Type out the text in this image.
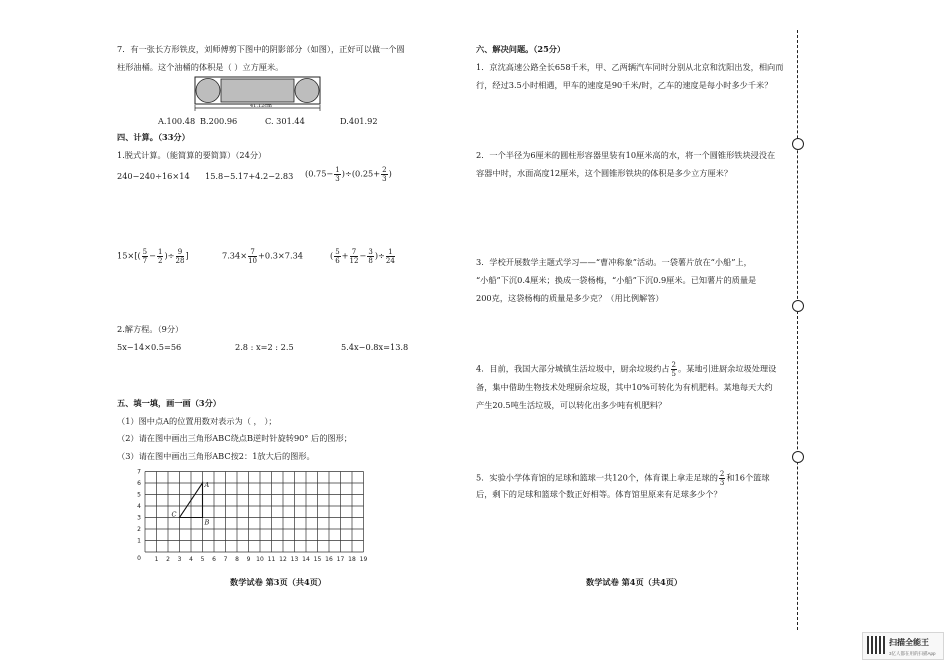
7．有一张长方形铁皮，刘师傅剪下图中的阴影部分（如图），正好可以做一个圆
柱形油桶。这个油桶的体积是（ ）立方厘米。
41.12cm
A.100.48 B.200.96	C. 301.44	D.401.92
四、计算。（33分）
1.脱式计算。（能简算的要简算）（24分）
240−240÷16×14 15.8−5.17+4.2−2.83 $(0.75- \frac{1}{3} )\div(0.25+ \frac{2}{3}$ )
$15\times[( \frac{5}{7} - \frac{1}{2}$ )÷ $\frac{9}{28}$ ]	$7.34\times \frac{7}{10} +0.3\times 7.34$	( $\frac{5}{6} + \frac{7}{12} - \frac{3}{8}$ )÷ $\frac{1}{24}$
2.解方程。（9分）
5x−14×0.5=56	2.8 : x=2 : 2.5	5.4x−0.8x=13.8
五、填一填，画一画（3分）
（1）图中点A的位置用数对表示为（ ， ）；
（2）请在图中画出三角形ABC绕点B逆时针旋转90° 后的图形；
（3）请在图中画出三角形ABC按2：1放大后的图形。
1 2 3 4 5 6 7 8 9 10 11 12 13 14 15 16 17 18 19
1
2
3
4
5
6
7
0
A
B
C
数学试卷 第3页（共4页）
六、解决问题。（25分）
1．京沈高速公路全长658千米，甲、乙两辆汽车同时分别从北京和沈阳出发，相向而
行，经过3.5小时相遇，甲车的速度是90千米/时，乙车的速度是每小时多少千米？
2．一个半径为6厘米的圆柱形容器里装有10厘米高的水，将一个圆锥形铁块浸没在
容器中时，水面高度12厘米，这个圆锥形铁块的体积是多少立方厘米？
3．学校开展数学主题式学习——“曹冲称象”活动。一袋薯片放在“小船”上，
“小船”下沉0.4厘米；换成一袋杨梅，“小船”下沉0.9厘米。已知薯片的质量是
200克，这袋杨梅的质量是多少克？（用比例解答）
4．目前，我国大部分城镇生活垃圾中，厨余垃圾约占 $\frac{2}{5}$ 。某地引进厨余垃圾处理设
备，集中借助生物技术处理厨余垃圾，其中10%可转化为有机肥料。某地每天大约
产生20.5吨生活垃圾，可以转化出多少吨有机肥料？
5．实验小学体育馆的足球和篮球一共120个，体育课上拿走足球的 $\frac{2}{3}$ 和16个篮球
后，剩下的足球和篮球个数正好相等。体育馆里原来有足球多少个？
数学试卷 第4页（共4页）
扫描全能王
3亿人都在用的扫描App
